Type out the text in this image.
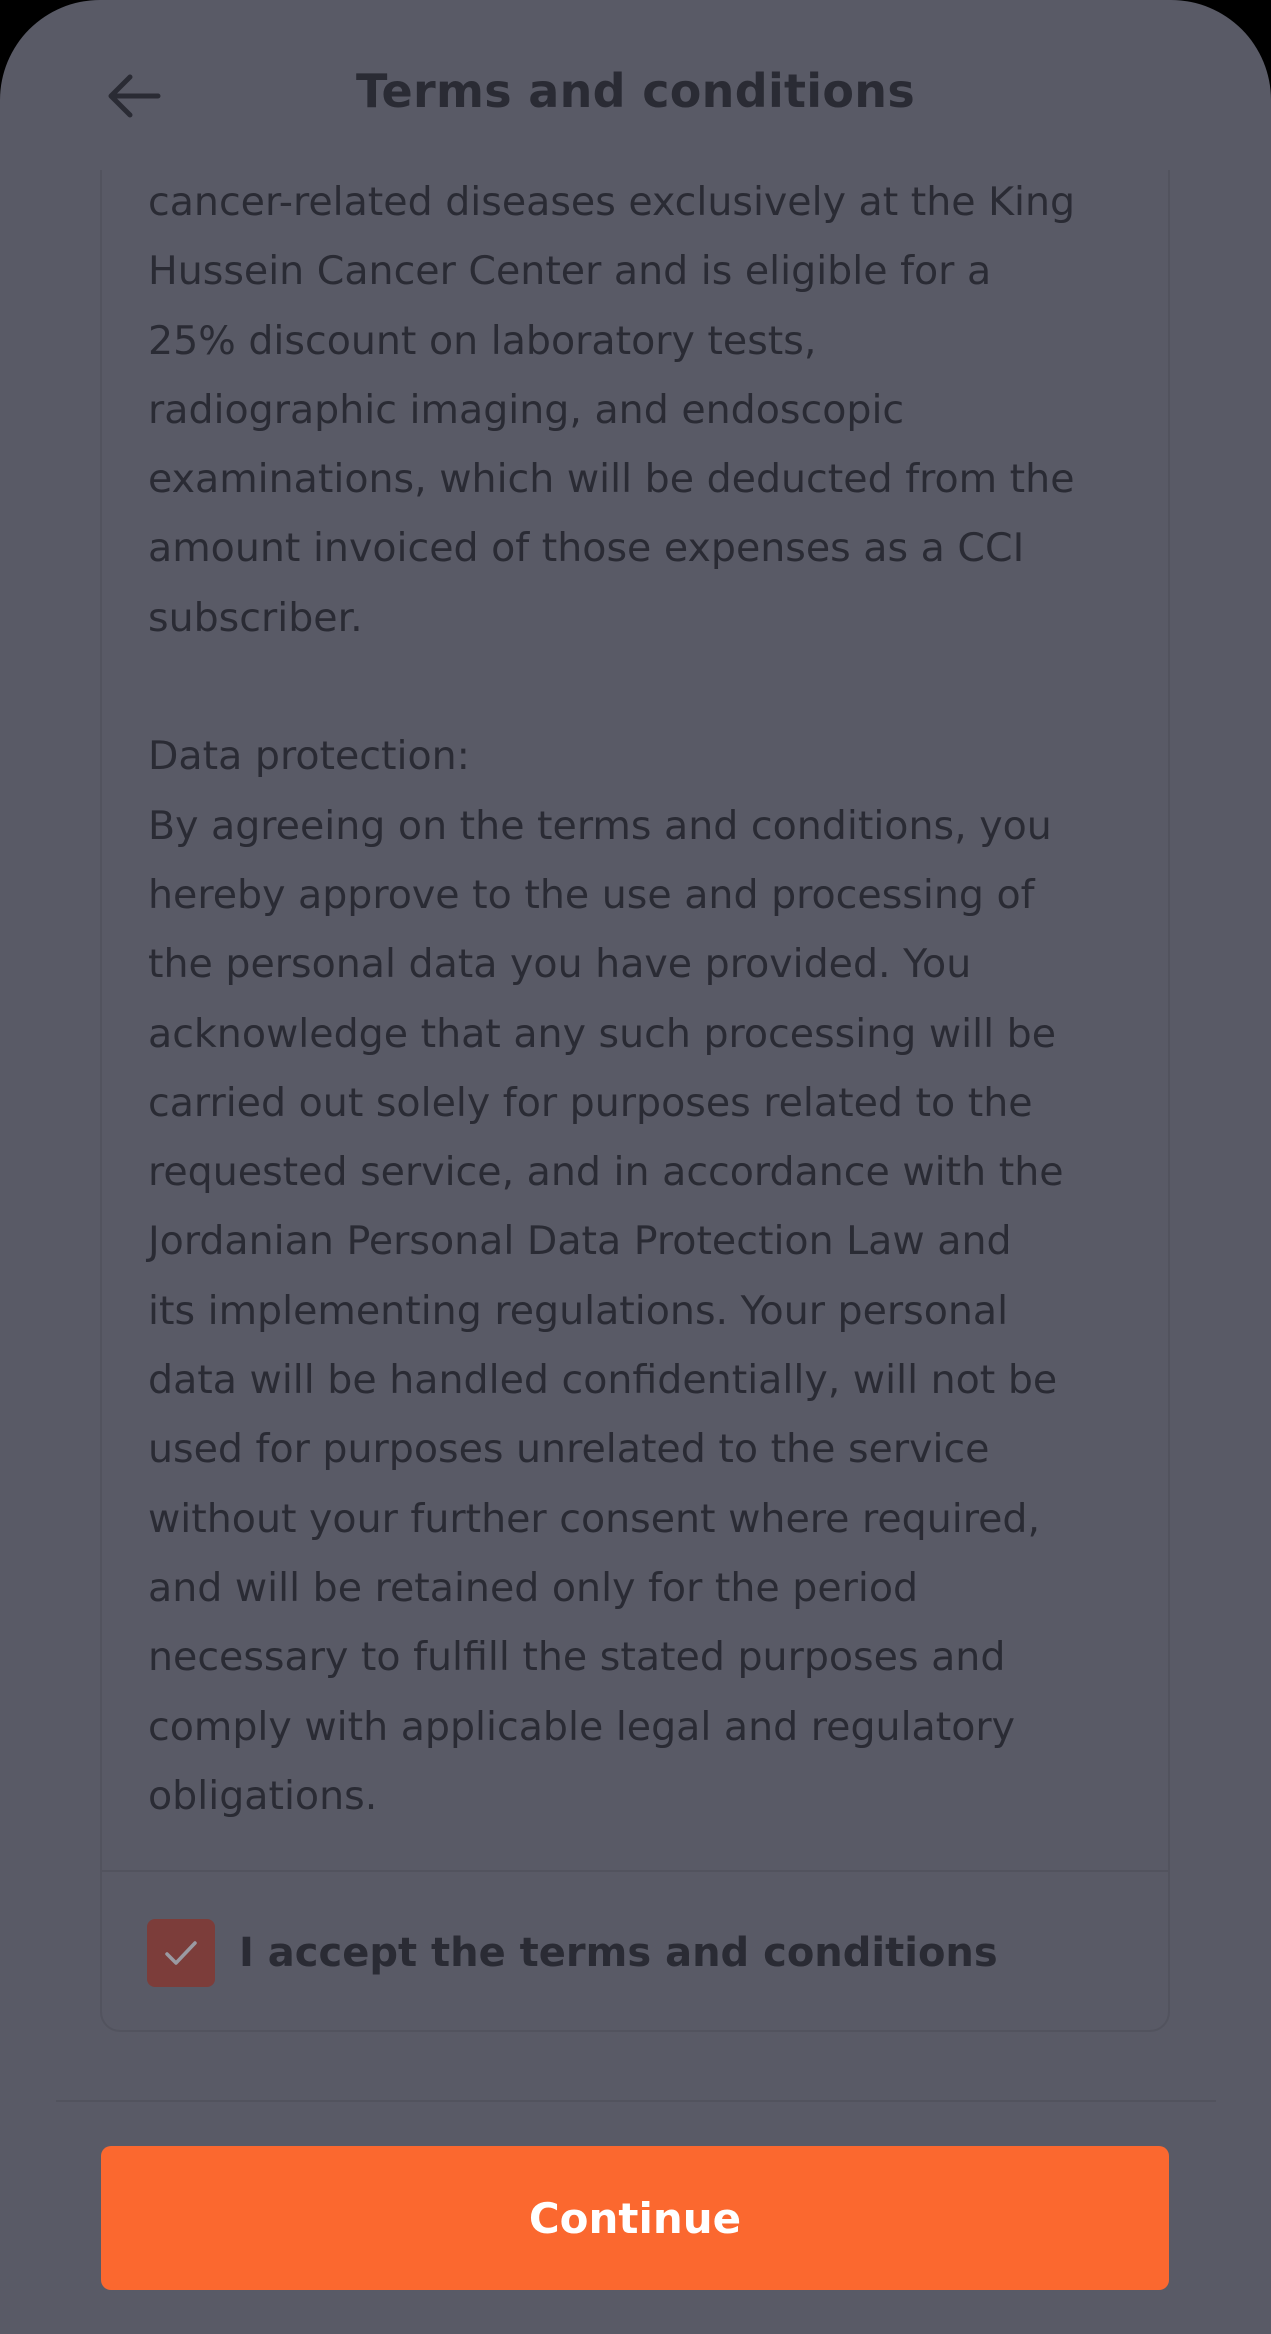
Terms and conditions
cancer-related diseases exclusively at the King
Hussein Cancer Center and is eligible for a
25% discount on laboratory tests,
radiographic imaging, and endoscopic
examinations, which will be deducted from the
amount invoiced of those expenses as a CCI
subscriber.

Data protection:
By agreeing on the terms and conditions, you
hereby approve to the use and processing of
the personal data you have provided. You
acknowledge that any such processing will be
carried out solely for purposes related to the
requested service, and in accordance with the
Jordanian Personal Data Protection Law and
its implementing regulations. Your personal
data will be handled confidentially, will not be
used for purposes unrelated to the service
without your further consent where required,
and will be retained only for the period
necessary to fulfill the stated purposes and
comply with applicable legal and regulatory
obligations.
I accept the terms and conditions
Continue
